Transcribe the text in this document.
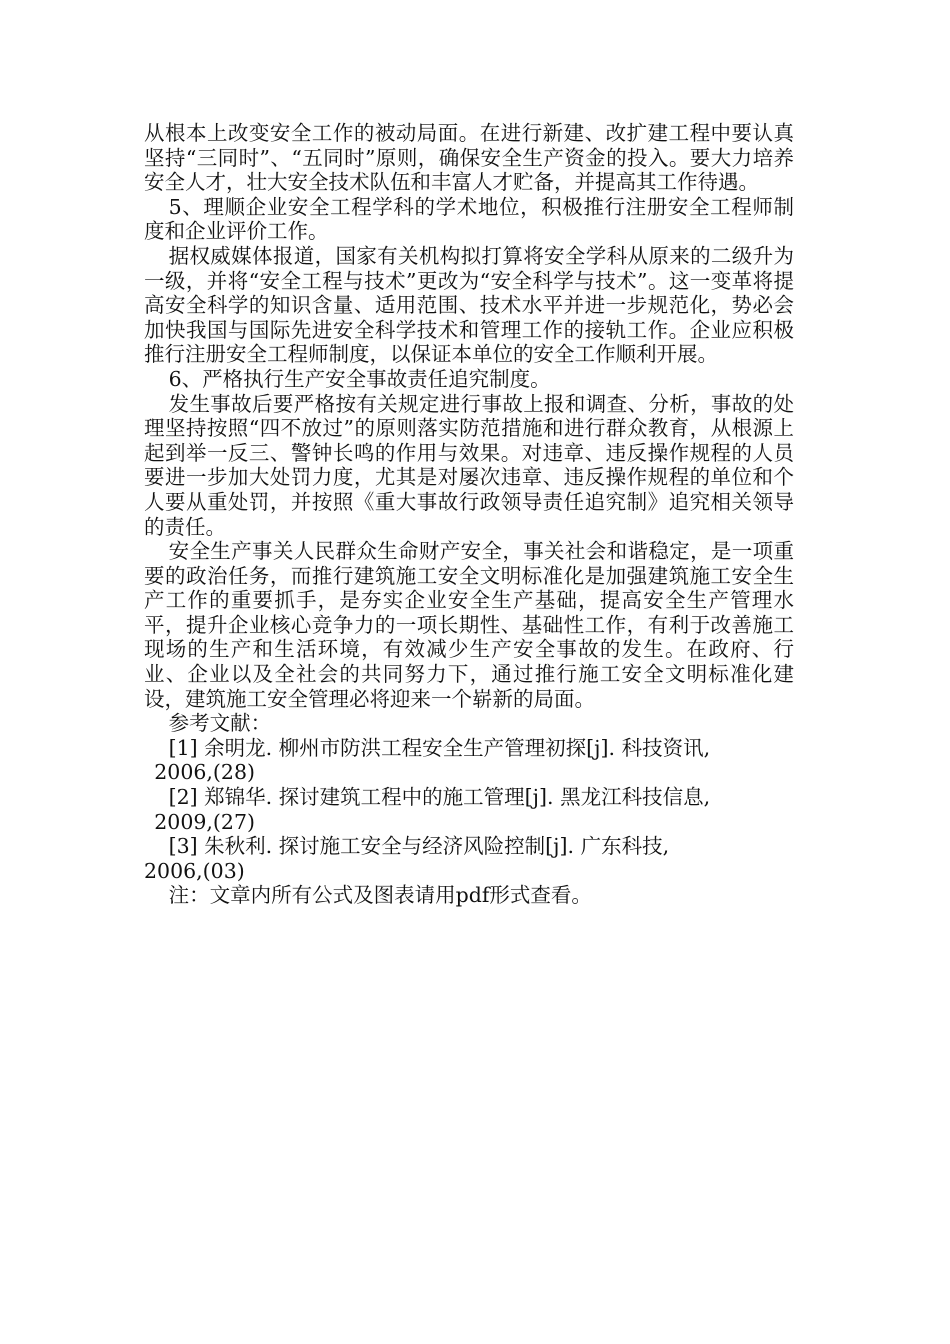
从根本上改变安全工作的被动局面。在进行新建、改扩建工程中要认真坚持“三同时”、“五同时”原则，确保安全生产资金的投入。要大力培养安全人才，壮大安全技术队伍和丰富人才贮备，并提高其工作待遇。

5、理顺企业安全工程学科的学术地位，积极推行注册安全工程师制度和企业评价工作。

据权威媒体报道，国家有关机构拟打算将安全学科从原来的二级升为一级，并将“安全工程与技术”更改为“安全科学与技术”。这一变革将提高安全科学的知识含量、适用范围、技术水平并进一步规范化，势必会加快我国与国际先进安全科学技术和管理工作的接轨工作。企业应积极推行注册安全工程师制度，以保证本单位的安全工作顺利开展。

6、严格执行生产安全事故责任追究制度。

发生事故后要严格按有关规定进行事故上报和调查、分析，事故的处理坚持按照“四不放过”的原则落实防范措施和进行群众教育，从根源上起到举一反三、警钟长鸣的作用与效果。对违章、违反操作规程的人员要进一步加大处罚力度，尤其是对屡次违章、违反操作规程的单位和个人要从重处罚，并按照《重大事故行政领导责任追究制》追究相关领导的责任。

安全生产事关人民群众生命财产安全，事关社会和谐稳定，是一项重要的政治任务，而推行建筑施工安全文明标准化是加强建筑施工安全生产工作的重要抓手，是夯实企业安全生产基础，提高安全生产管理水平，提升企业核心竞争力的一项长期性、基础性工作，有利于改善施工现场的生产和生活环境，有效减少生产安全事故的发生。在政府、行业、企业以及全社会的共同努力下，通过推行施工安全文明标准化建设，建筑施工安全管理必将迎来一个崭新的局面。

参考文献：

[1] 余明龙. 柳州市防洪工程安全生产管理初探[j]. 科技资讯,
2006,(28)
[2] 郑锦华. 探讨建筑工程中的施工管理[j]. 黑龙江科技信息,
2009,(27)
[3] 朱秋利. 探讨施工安全与经济风险控制[j]. 广东科技,
2006,(03)

注：文章内所有公式及图表请用pdf形式查看。
